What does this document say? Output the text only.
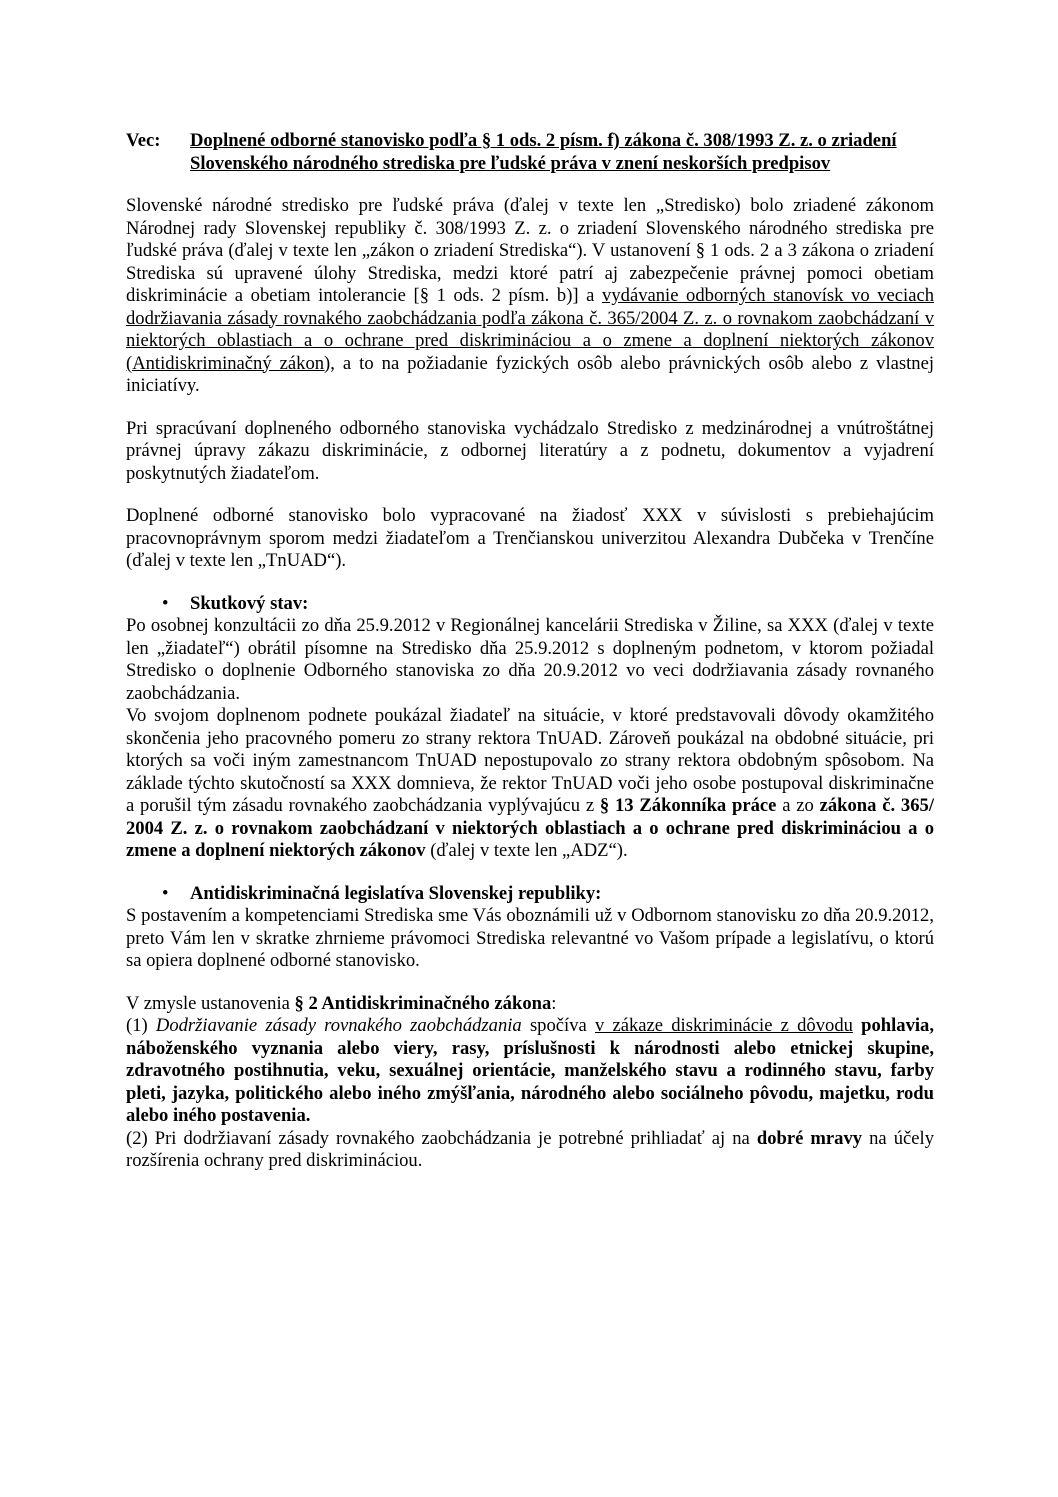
Vec:	Doplnené odborné stanovisko podľa § 1 ods. 2 písm. f) zákona č. 308/1993 Z. z. o zriadení Slovenského národného strediska pre ľudské práva v znení neskorších predpisov

Slovenské národné stredisko pre ľudské práva (ďalej v texte len „Stredisko) bolo zriadené zákonom Národnej rady Slovenskej republiky č. 308/1993 Z. z. o zriadení Slovenského národného strediska pre ľudské práva (ďalej v texte len „zákon o zriadení Strediska“). V ustanovení § 1 ods. 2 a 3 zákona o zriadení Strediska sú upravené úlohy Strediska, medzi ktoré patrí aj zabezpečenie právnej pomoci obetiam diskriminácie a obetiam intolerancie [§ 1 ods. 2 písm. b)] a vydávanie odborných stanovísk vo veciach dodržiavania zásady rovnakého zaobchádzania podľa zákona č. 365/2004 Z. z. o rovnakom zaobchádzaní v niektorých oblastiach a o ochrane pred diskrimináciou a o zmene a doplnení niektorých zákonov (Antidiskriminačný zákon), a to na požiadanie fyzických osôb alebo právnických osôb alebo z vlastnej iniciatívy.

Pri spracúvaní doplneného odborného stanoviska vychádzalo Stredisko z medzinárodnej a vnútroštátnej právnej úpravy zákazu diskriminácie, z odbornej literatúry a z podnetu, dokumentov a vyjadrení poskytnutých žiadateľom.

Doplnené odborné stanovisko bolo vypracované na žiadosť XXX v súvislosti s prebiehajúcim pracovnoprávnym sporom medzi žiadateľom a Trenčianskou univerzitou Alexandra Dubčeka v Trenčíne (ďalej v texte len „TnUAD“).

•	Skutkový stav:

Po osobnej konzultácii zo dňa 25.9.2012 v Regionálnej kancelárii Strediska v Žiline, sa XXX (ďalej v texte len „žiadateľ“) obrátil písomne na Stredisko dňa 25.9.2012 s doplneným podnetom, v ktorom požiadal Stredisko o doplnenie Odborného stanoviska zo dňa 20.9.2012 vo veci dodržiavania zásady rovnaného zaobchádzania.

Vo svojom doplnenom podnete poukázal žiadateľ na situácie, v ktoré predstavovali dôvody okamžitého skončenia jeho pracovného pomeru zo strany rektora TnUAD. Zároveň poukázal na obdobné situácie, pri ktorých sa voči iným zamestnancom TnUAD nepostupovalo zo strany rektora obdobným spôsobom. Na základe týchto skutočností sa XXX domnieva, že rektor TnUAD voči jeho osobe postupoval diskriminačne a porušil tým zásadu rovnakého zaobchádzania vyplývajúcu z § 13 Zákonníka práce a zo zákona č. 365/ 2004 Z. z. o rovnakom zaobchádzaní v niektorých oblastiach a o ochrane pred diskrimináciou a o zmene a doplnení niektorých zákonov (ďalej v texte len „ADZ“).

•	Antidiskriminačná legislatíva Slovenskej republiky:

S postavením a kompetenciami Strediska sme Vás oboznámili už v Odbornom stanovisku zo dňa 20.9.2012, preto Vám len v skratke zhrnieme právomoci Strediska relevantné vo Vašom prípade a legislatívu, o ktorú sa opiera doplnené odborné stanovisko.

V zmysle ustanovenia § 2 Antidiskriminačného zákona:

(1) Dodržiavanie zásady rovnakého zaobchádzania spočíva v zákaze diskriminácie z dôvodu pohlavia, náboženského vyznania alebo viery, rasy, príslušnosti k národnosti alebo etnickej skupine, zdravotného postihnutia, veku, sexuálnej orientácie, manželského stavu a rodinného stavu, farby pleti, jazyka, politického alebo iného zmýšľania, národného alebo sociálneho pôvodu, majetku, rodu alebo iného postavenia.

(2) Pri dodržiavaní zásady rovnakého zaobchádzania je potrebné prihliadať aj na dobré mravy na účely rozšírenia ochrany pred diskrimináciou.
